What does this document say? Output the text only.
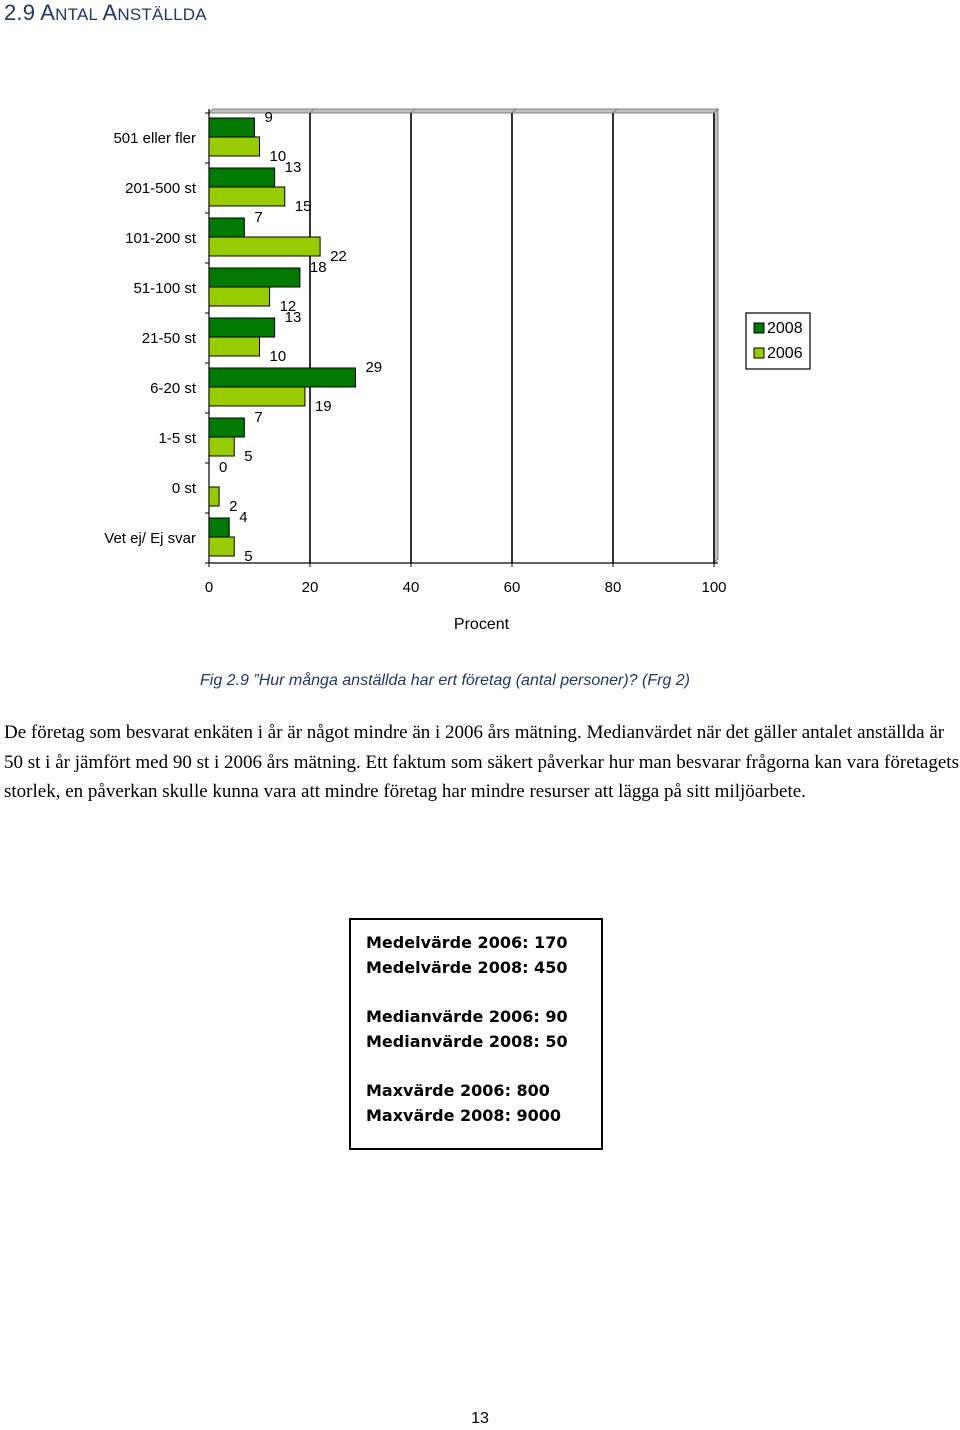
2.9 ANTAL ANSTÄLLDA
501 eller fler
201-500 st
101-200 st
51-100 st
21-50 st
6-20 st
1-5 st
0 st
Vet ej/ Ej svar
0	20	40	60	80	100
Procent
9
10
13
15
7
22
18
12
13
10
29
19
7
5
0
2
4
5
2008
2006

Fig 2.9 ”Hur många anställda har ert företag (antal personer)? (Frg 2)

De företag som besvarat enkäten i år är något mindre än i 2006 års mätning. Medianvärdet när det gäller antalet anställda är 50 st i år jämfört med 90 st i 2006 års mätning. Ett faktum som säkert påverkar hur man besvarar frågorna kan vara företagets storlek, en påverkan skulle kunna vara att mindre företag har mindre resurser att lägga på sitt miljöarbete.

Medelvärde 2006: 170
Medelvärde 2008: 450
Medianvärde 2006: 90
Medianvärde 2008: 50
Maxvärde 2006: 800
Maxvärde 2008: 9000
13
